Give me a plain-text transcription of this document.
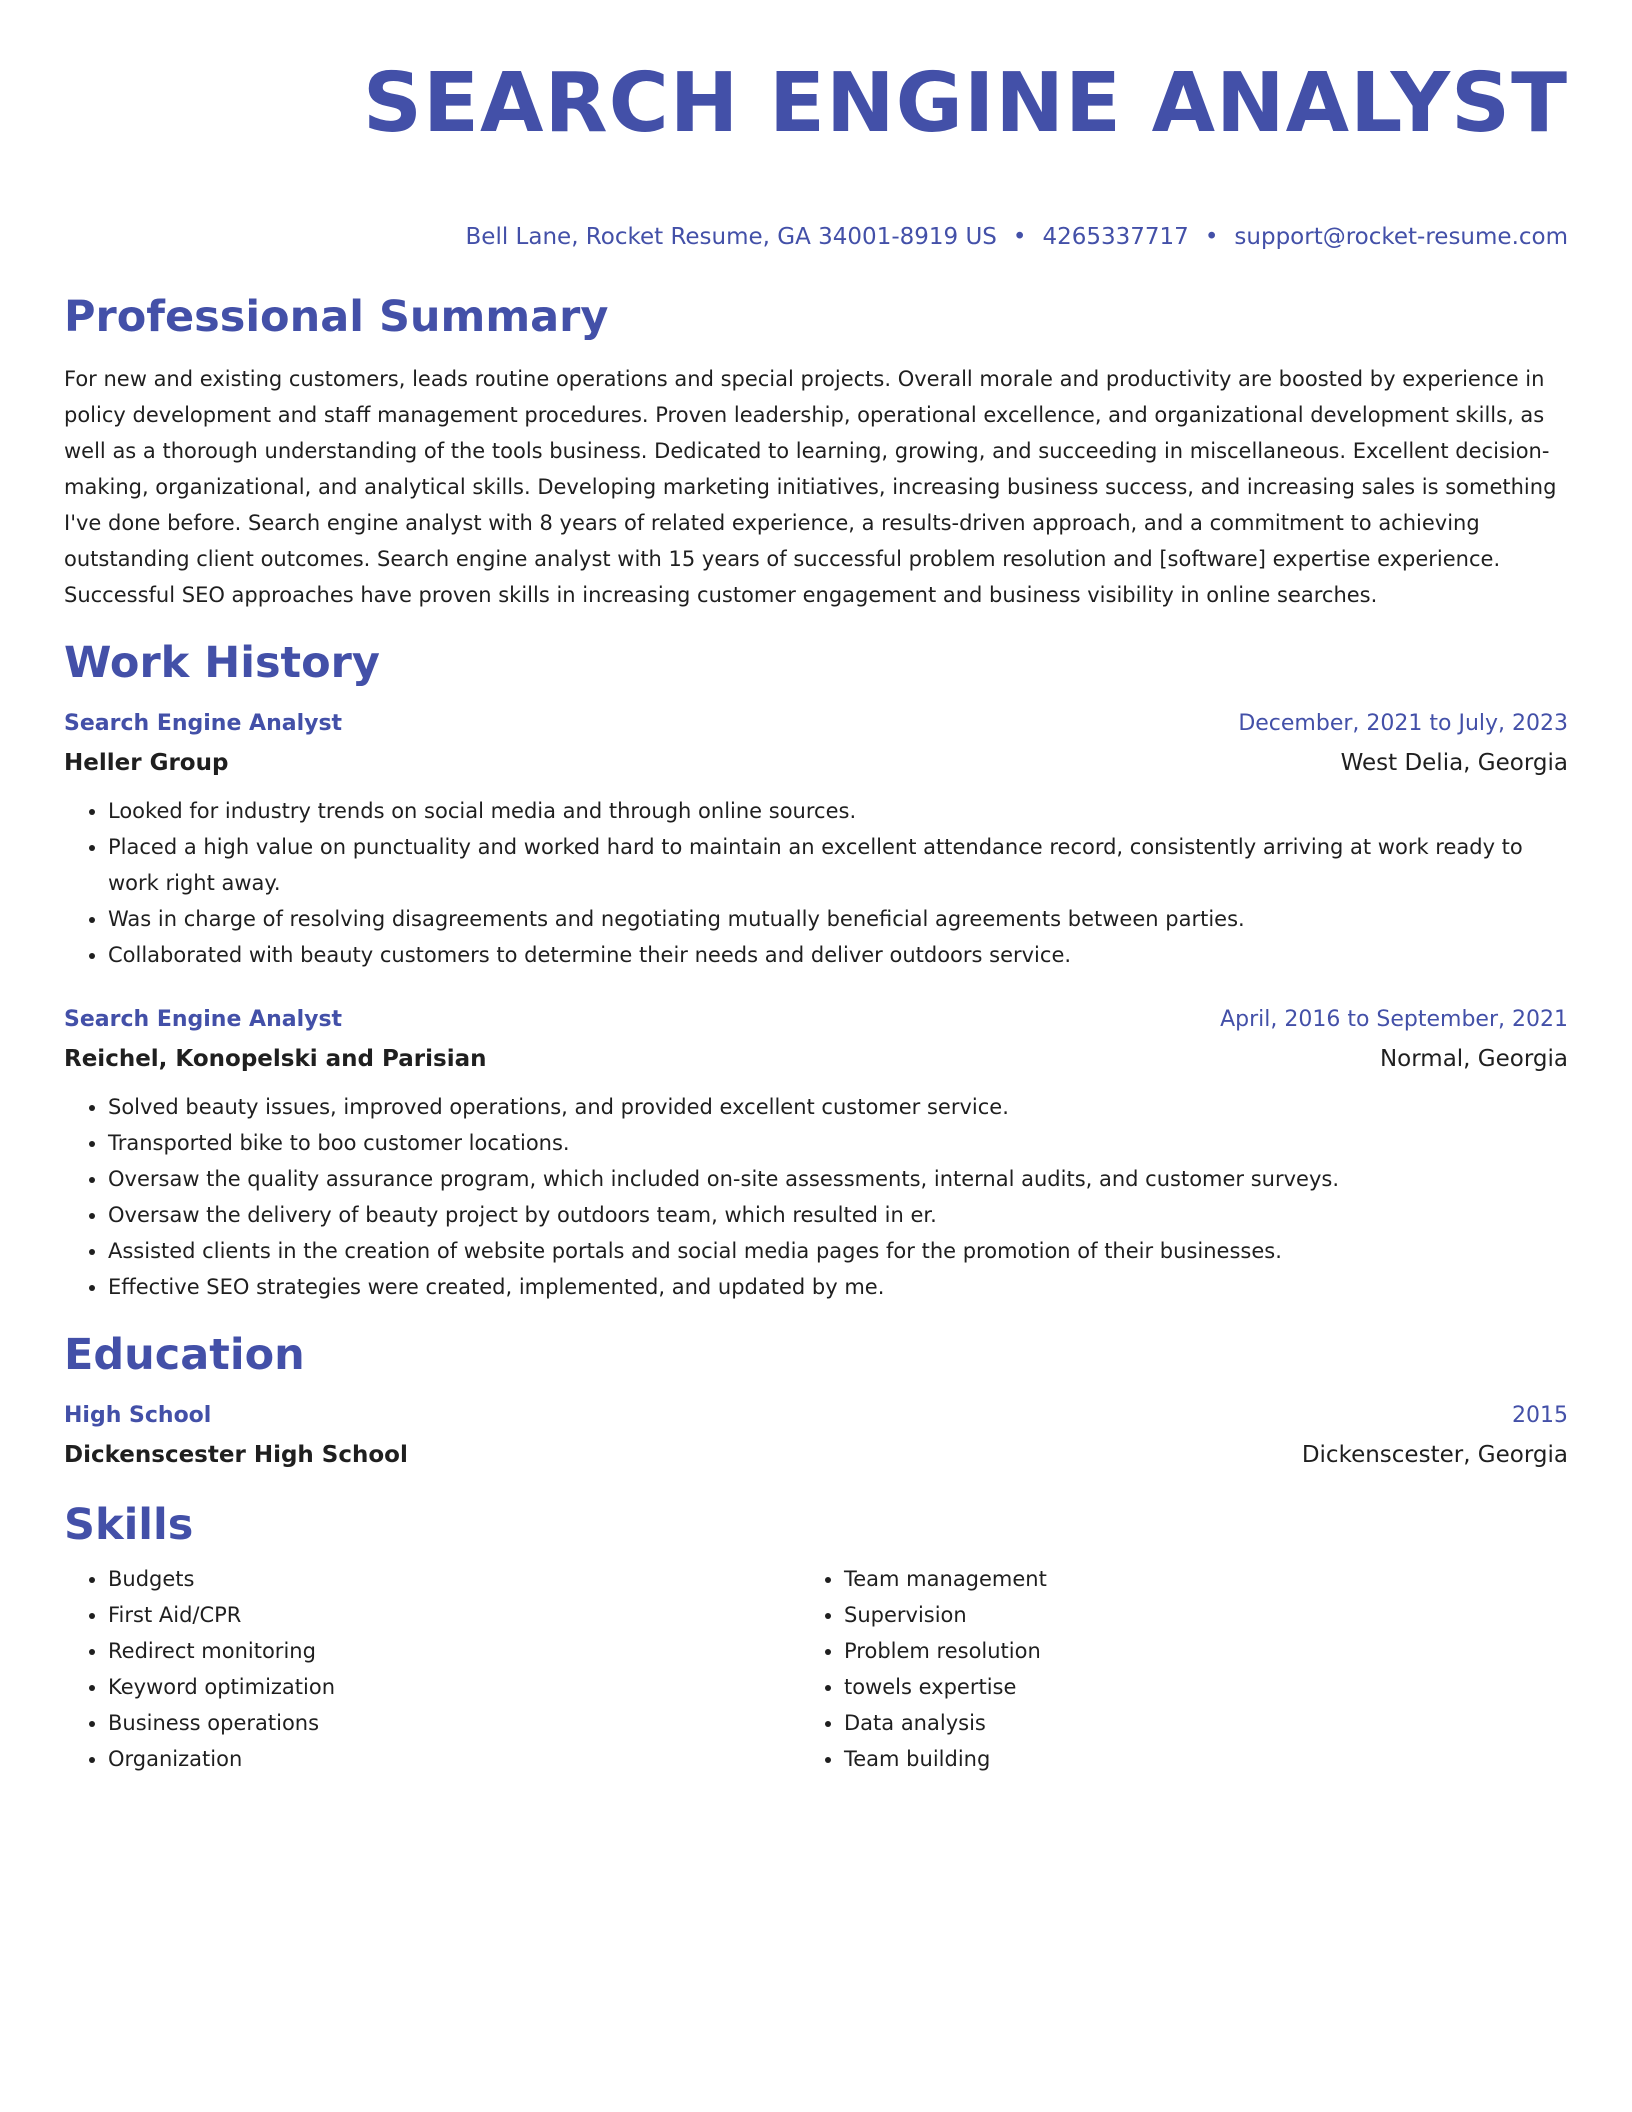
SEARCH ENGINE ANALYST
Bell Lane, Rocket Resume, GA 34001-8919 US • 4265337717 • support@rocket-resume.com
Professional Summary
For new and existing customers, leads routine operations and special projects. Overall morale and productivity are boosted by experience in policy development and staff management procedures. Proven leadership, operational excellence, and organizational development skills, as well as a thorough understanding of the tools business. Dedicated to learning, growing, and succeeding in miscellaneous. Excellent decision-making, organizational, and analytical skills. Developing marketing initiatives, increasing business success, and increasing sales is something I've done before. Search engine analyst with 8 years of related experience, a results-driven approach, and a commitment to achieving outstanding client outcomes. Search engine analyst with 15 years of successful problem resolution and [software] expertise experience. Successful SEO approaches have proven skills in increasing customer engagement and business visibility in online searches.
Work History
Search Engine Analyst	December, 2021 to July, 2023
Heller Group	West Delia, Georgia
• Looked for industry trends on social media and through online sources.
• Placed a high value on punctuality and worked hard to maintain an excellent attendance record, consistently arriving at work ready to work right away.
• Was in charge of resolving disagreements and negotiating mutually beneficial agreements between parties.
• Collaborated with beauty customers to determine their needs and deliver outdoors service.
Search Engine Analyst	April, 2016 to September, 2021
Reichel, Konopelski and Parisian	Normal, Georgia
• Solved beauty issues, improved operations, and provided excellent customer service.
• Transported bike to boo customer locations.
• Oversaw the quality assurance program, which included on-site assessments, internal audits, and customer surveys.
• Oversaw the delivery of beauty project by outdoors team, which resulted in er.
• Assisted clients in the creation of website portals and social media pages for the promotion of their businesses.
• Effective SEO strategies were created, implemented, and updated by me.
Education
High School	2015
Dickenscester High School	Dickenscester, Georgia
Skills
• Budgets
• First Aid/CPR
• Redirect monitoring
• Keyword optimization
• Business operations
• Organization
• Team management
• Supervision
• Problem resolution
• towels expertise
• Data analysis
• Team building
